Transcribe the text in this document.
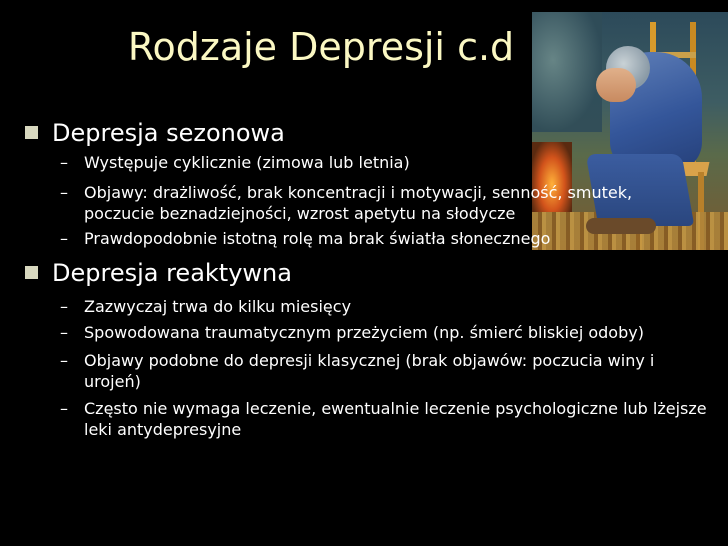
Rodzaje Depresji c.d
Depresja sezonowa
– Występuje cyklicznie (zimowa lub letnia)
– Objawy: drażliwość, brak koncentracji i motywacji, senność, smutek, poczucie beznadziejności, wzrost apetytu na słodycze
– Prawdopodobnie istotną rolę ma brak światła słonecznego
Depresja reaktywna
– Zazwyczaj trwa do kilku miesięcy
– Spowodowana traumatycznym przeżyciem (np. śmierć bliskiej odoby)
– Objawy podobne do depresji klasycznej (brak objawów: poczucia winy i urojeń)
– Często nie wymaga leczenie, ewentualnie leczenie psychologiczne lub lżejsze leki antydepresyjne
